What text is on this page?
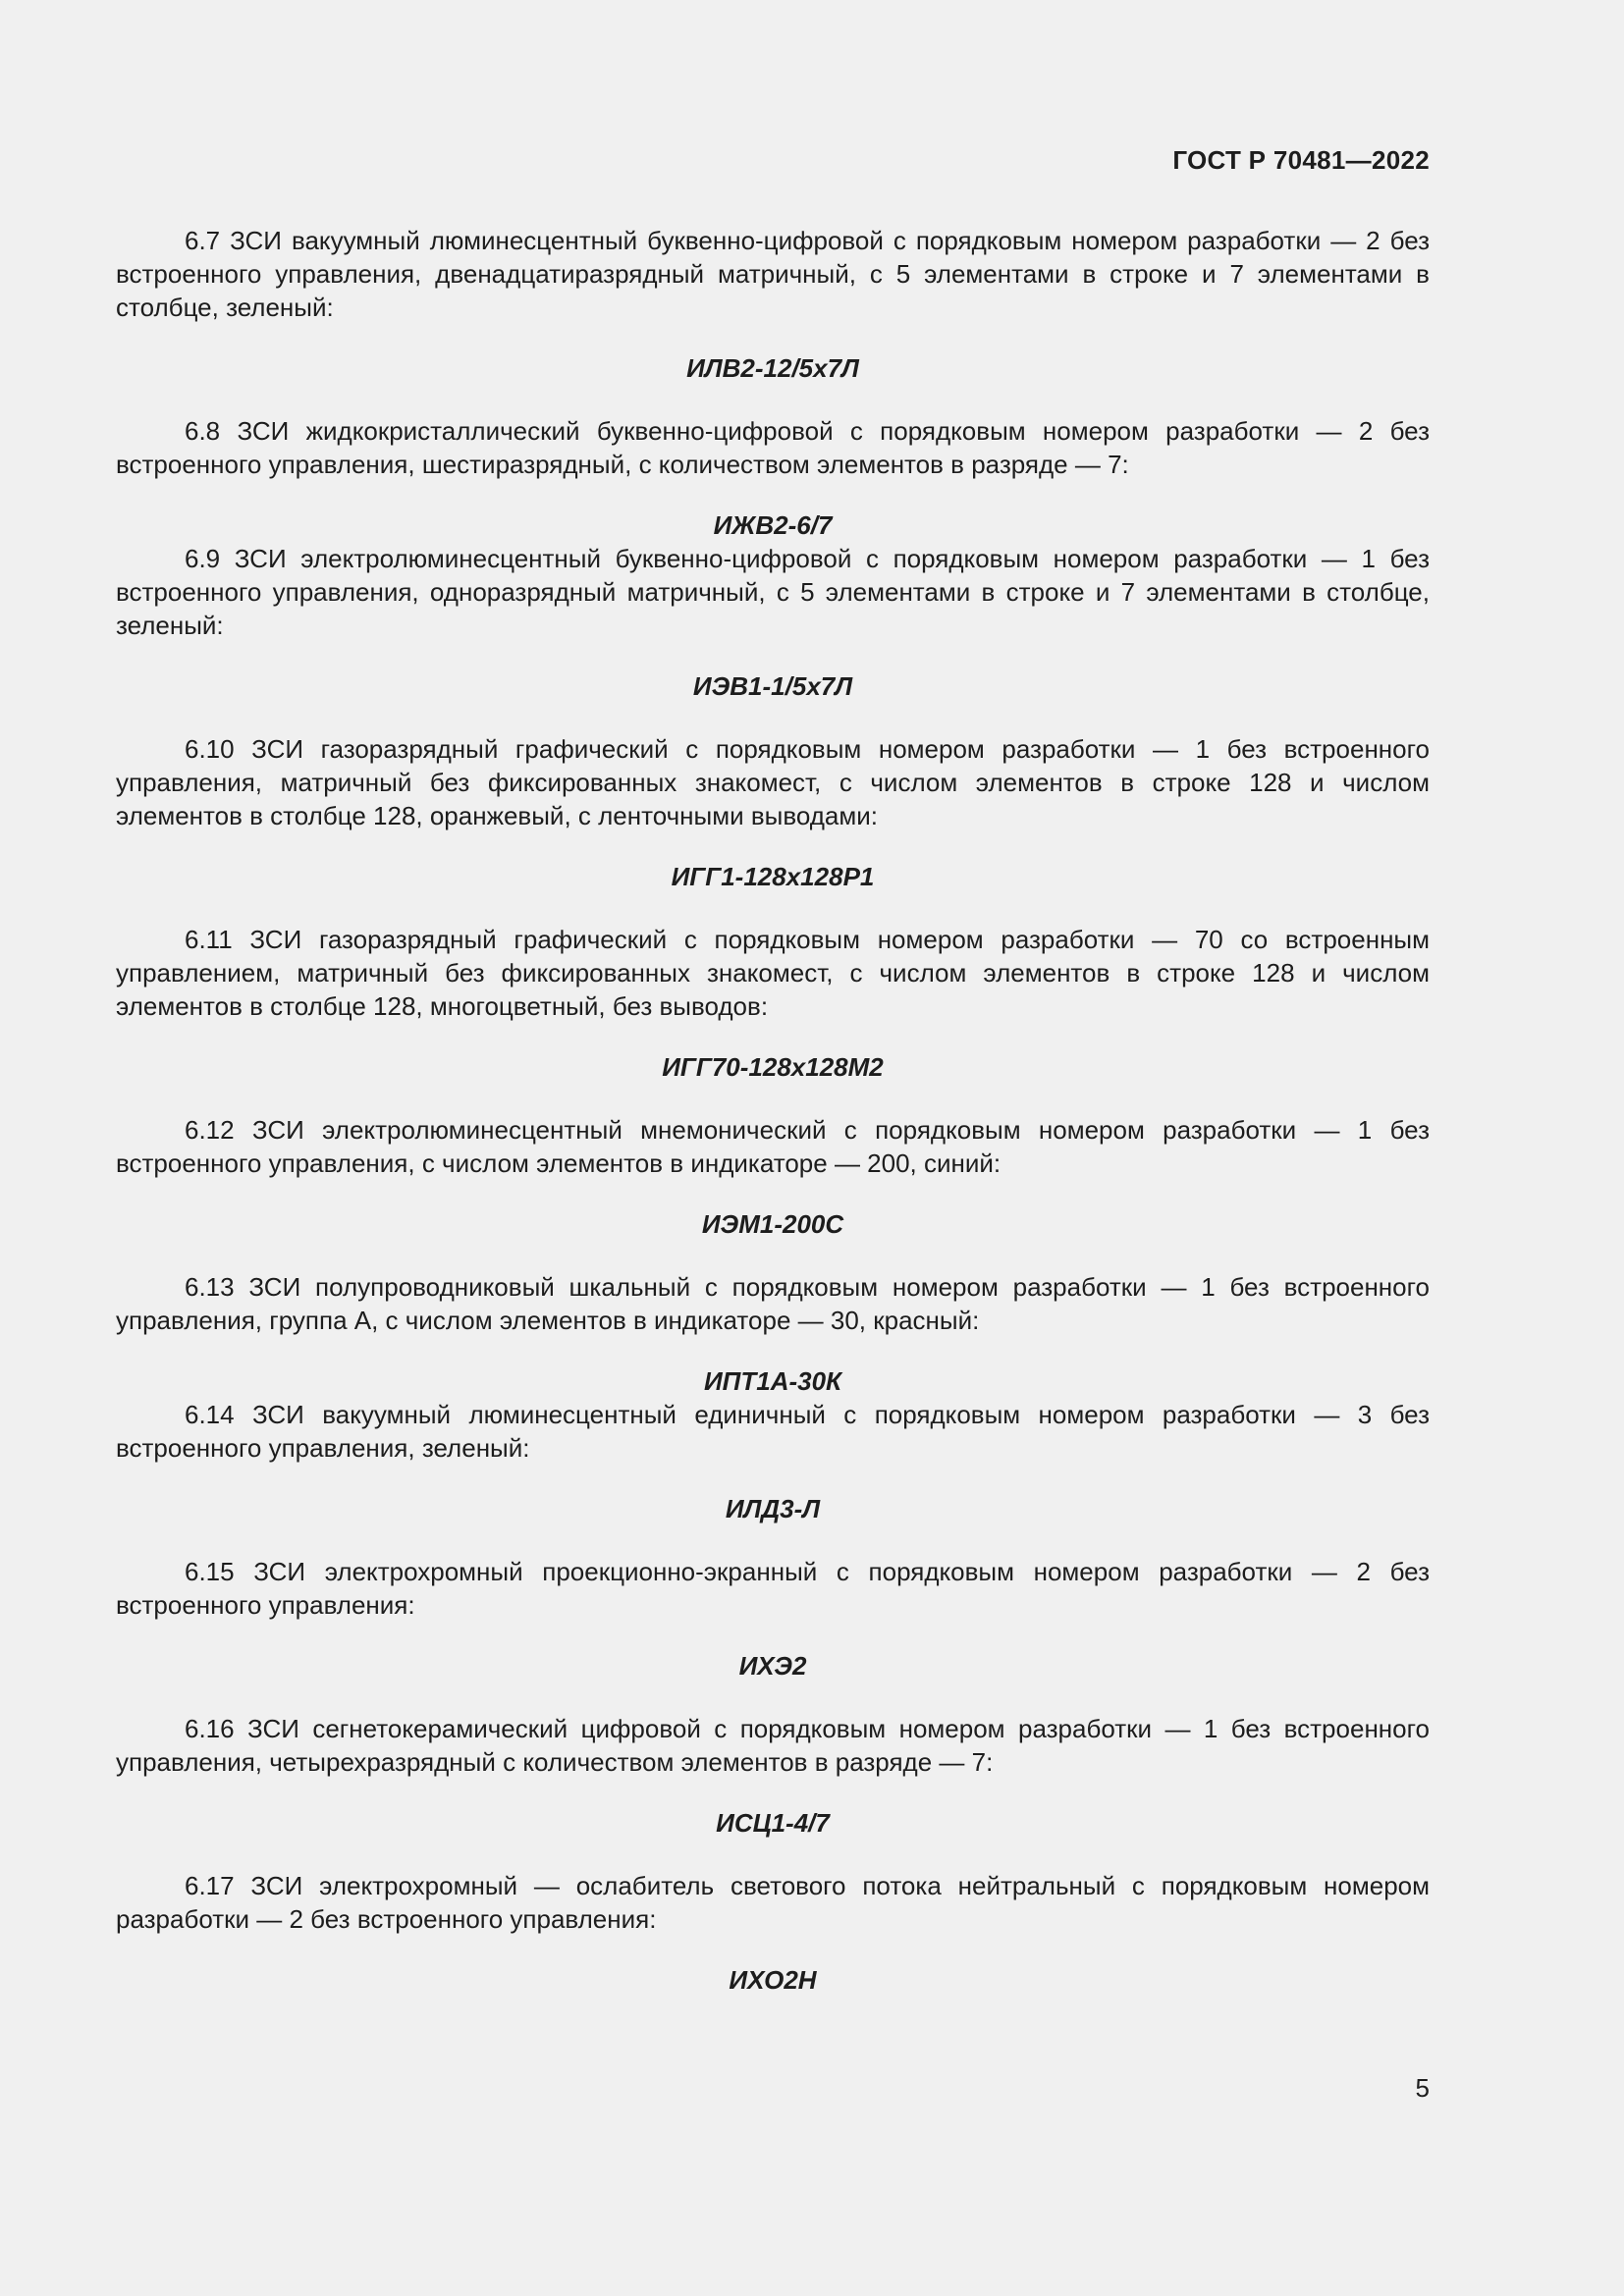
ГОСТ Р 70481—2022

6.7 ЗСИ вакуумный люминесцентный буквенно-цифровой с порядковым номером разработки — 2 без встроенного управления, двенадцатиразрядный матричный, с 5 элементами в строке и 7 элементами в столбце, зеленый:

ИЛВ2-12/5x7Л

6.8 ЗСИ жидкокристаллический буквенно-цифровой с порядковым номером разработки — 2 без встроенного управления, шестиразрядный, с количеством элементов в разряде — 7:

ИЖВ2-6/7

6.9 ЗСИ электролюминесцентный буквенно-цифровой с порядковым номером разработки — 1 без встроенного управления, одноразрядный матричный, с 5 элементами в строке и 7 элементами в столбце, зеленый:

ИЭВ1-1/5x7Л

6.10 ЗСИ газоразрядный графический с порядковым номером разработки — 1 без встроенного управления, матричный без фиксированных знакомест, с числом элементов в строке 128 и числом элементов в столбце 128, оранжевый, с ленточными выводами:

ИГГ1-128x128Р1

6.11 ЗСИ газоразрядный графический с порядковым номером разработки — 70 со встроенным управлением, матричный без фиксированных знакомест, с числом элементов в строке 128 и числом элементов в столбце 128, многоцветный, без выводов:

ИГГ70-128x128М2

6.12 ЗСИ электролюминесцентный мнемонический с порядковым номером разработки — 1 без встроенного управления, с числом элементов в индикаторе — 200, синий:

ИЭМ1-200С

6.13 ЗСИ полупроводниковый шкальный с порядковым номером разработки — 1 без встроенного управления, группа А, с числом элементов в индикаторе — 30, красный:

ИПТ1А-30К

6.14 ЗСИ вакуумный люминесцентный единичный с порядковым номером разработки — 3 без встроенного управления, зеленый:

ИЛД3-Л

6.15 ЗСИ электрохромный проекционно-экранный с порядковым номером разработки — 2 без встроенного управления:

ИХЭ2

6.16 ЗСИ сегнетокерамический цифровой с порядковым номером разработки — 1 без встроенного управления, четырехразрядный с количеством элементов в разряде — 7:

ИСЦ1-4/7

6.17 ЗСИ электрохромный — ослабитель светового потока нейтральный с порядковым номером разработки — 2 без встроенного управления:

ИХО2Н

5
